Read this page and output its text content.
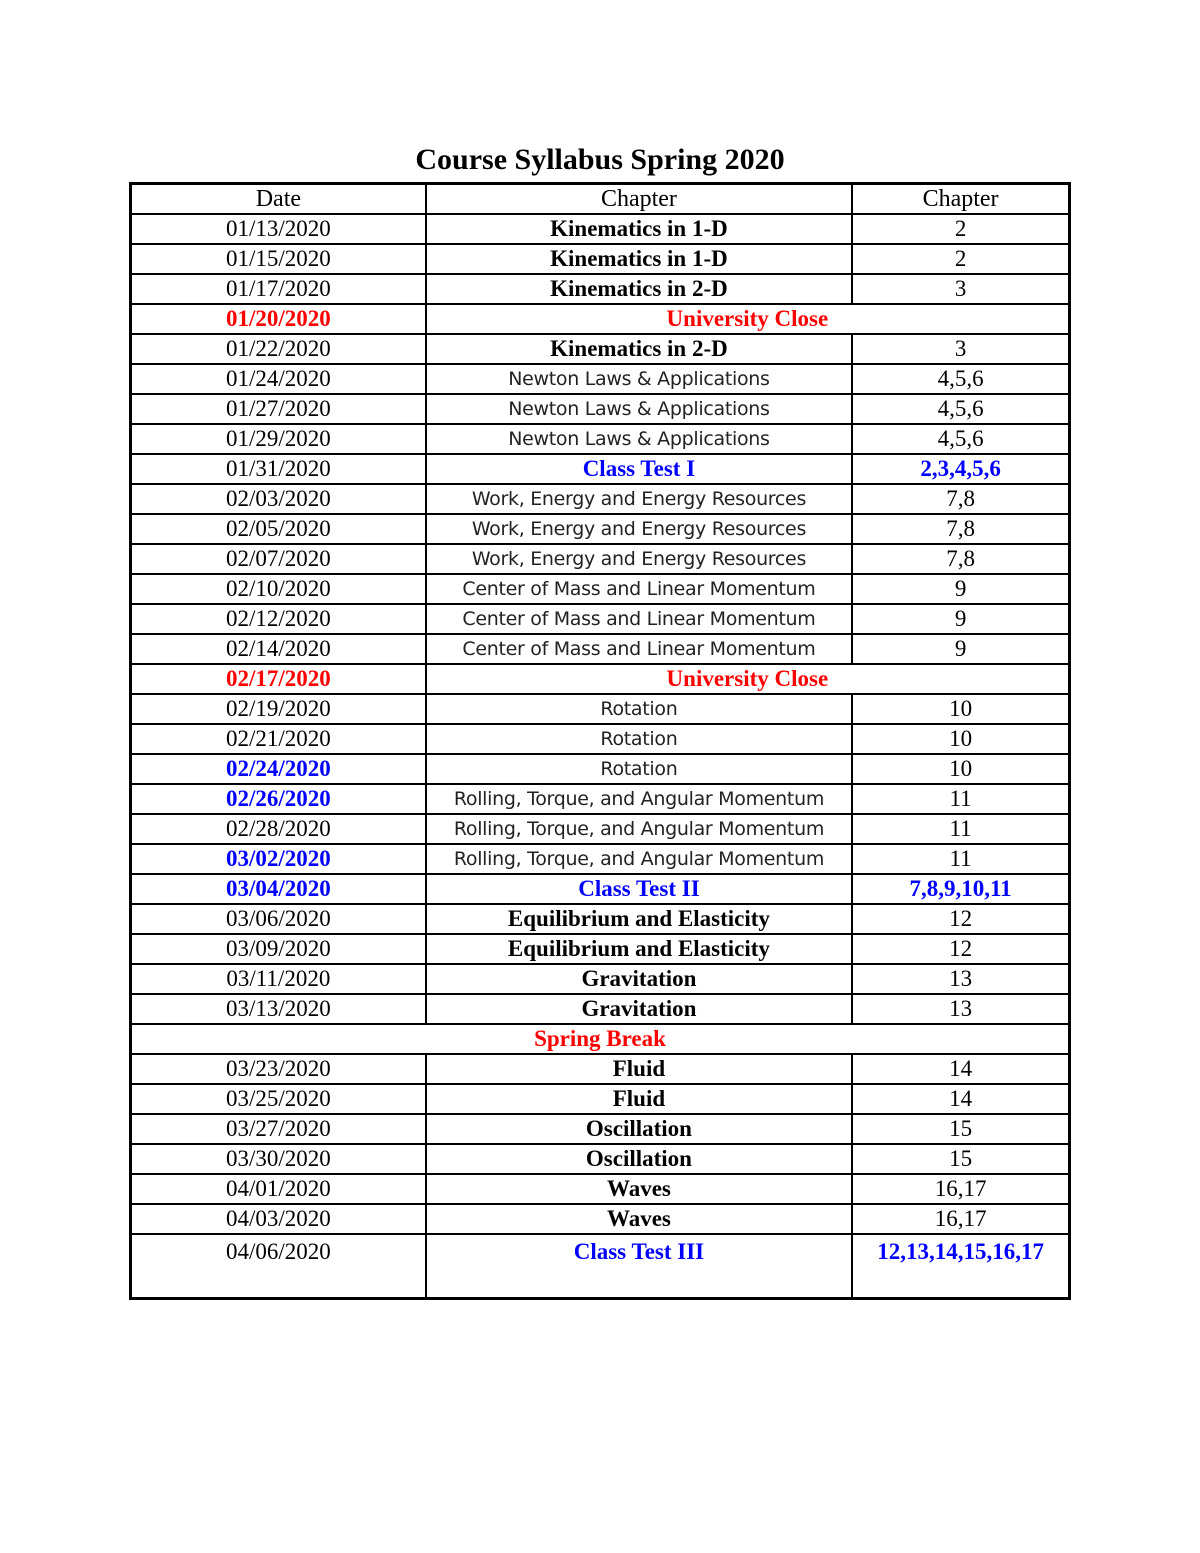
Course Syllabus Spring 2020
Date	Chapter	Chapter
01/13/2020	Kinematics in 1-D	2
01/15/2020	Kinematics in 1-D	2
01/17/2020	Kinematics in 2-D	3
01/20/2020	University Close	
01/22/2020	Kinematics in 2-D	3
01/24/2020	Newton Laws & Applications	4,5,6
01/27/2020	Newton Laws & Applications	4,5,6
01/29/2020	Newton Laws & Applications	4,5,6
01/31/2020	Class Test I	2,3,4,5,6
02/03/2020	Work, Energy and Energy Resources	7,8
02/05/2020	Work, Energy and Energy Resources	7,8
02/07/2020	Work, Energy and Energy Resources	7,8
02/10/2020	Center of Mass and Linear Momentum	9
02/12/2020	Center of Mass and Linear Momentum	9
02/14/2020	Center of Mass and Linear Momentum	9
02/17/2020	University Close	
02/19/2020	Rotation	10
02/21/2020	Rotation	10
02/24/2020	Rotation	10
02/26/2020	Rolling, Torque, and Angular Momentum	11
02/28/2020	Rolling, Torque, and Angular Momentum	11
03/02/2020	Rolling, Torque, and Angular Momentum	11
03/04/2020	Class Test II	7,8,9,10,11
03/06/2020	Equilibrium and Elasticity	12
03/09/2020	Equilibrium and Elasticity	12
03/11/2020	Gravitation	13
03/13/2020	Gravitation	13
Spring Break		
03/23/2020	Fluid	14
03/25/2020	Fluid	14
03/27/2020	Oscillation	15
03/30/2020	Oscillation	15
04/01/2020	Waves	16,17
04/03/2020	Waves	16,17
04/06/2020	Class Test III	12,13,14,15,16,17
